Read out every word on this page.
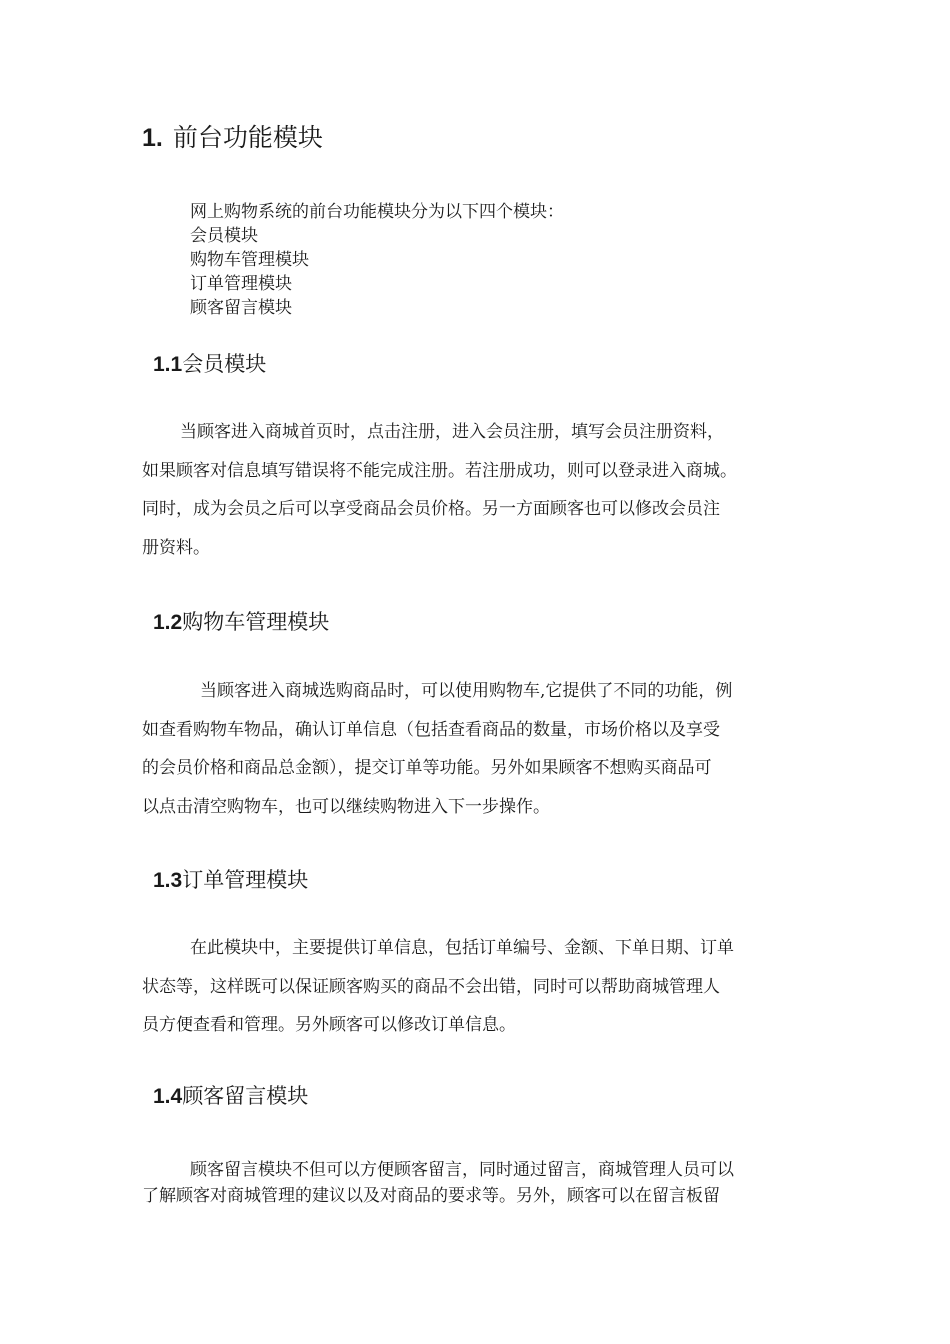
1. 前台功能模块
网上购物系统的前台功能模块分为以下四个模块：
会员模块
购物车管理模块
订单管理模块
顾客留言模块
1.1会员模块
当顾客进入商城首页时，点击注册，进入会员注册，填写会员注册资料，
如果顾客对信息填写错误将不能完成注册。若注册成功，则可以登录进入商城。
同时，成为会员之后可以享受商品会员价格。另一方面顾客也可以修改会员注
册资料。
1.2购物车管理模块
当顾客进入商城选购商品时，可以使用购物车,它提供了不同的功能，例
如查看购物车物品，确认订单信息（包括查看商品的数量，市场价格以及享受
的会员价格和商品总金额），提交订单等功能。另外如果顾客不想购买商品可
以点击清空购物车，也可以继续购物进入下一步操作。
1.3订单管理模块
在此模块中，主要提供订单信息，包括订单编号、金额、下单日期、订单
状态等，这样既可以保证顾客购买的商品不会出错，同时可以帮助商城管理人
员方便查看和管理。另外顾客可以修改订单信息。
1.4顾客留言模块
顾客留言模块不但可以方便顾客留言，同时通过留言，商城管理人员可以
了解顾客对商城管理的建议以及对商品的要求等。另外，顾客可以在留言板留
